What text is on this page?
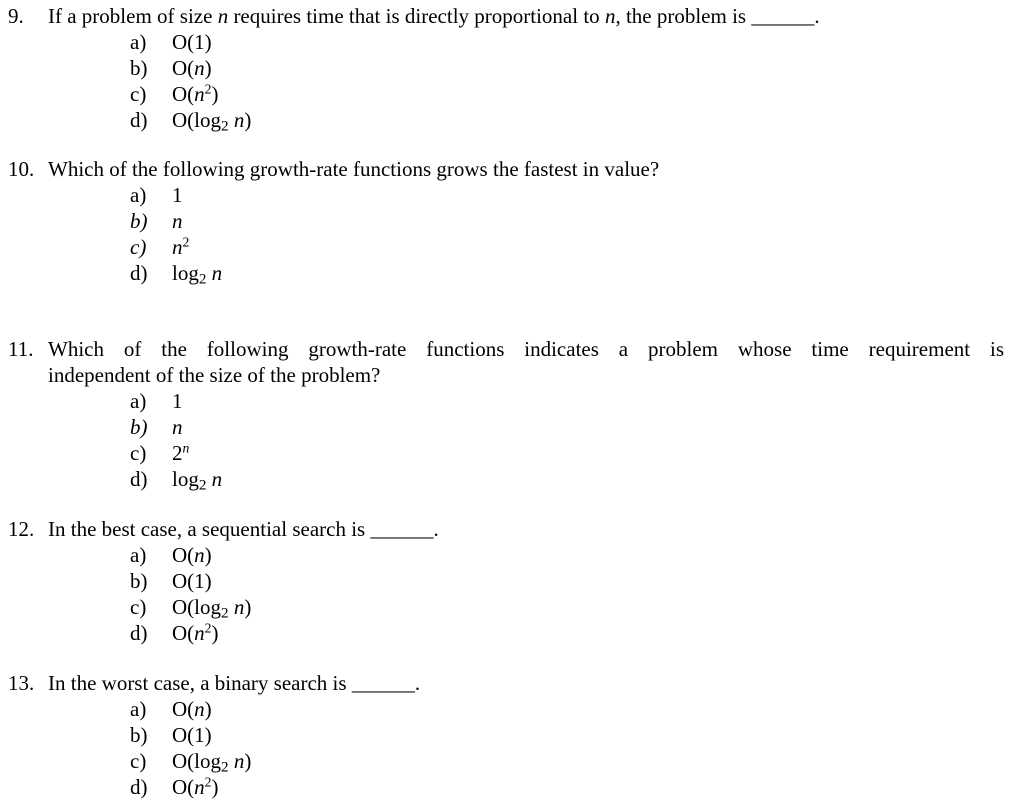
9. If a problem of size n requires time that is directly proportional to n, the problem is ______.
a)	O(1)
b)	O(n)
c)	$O(n^2)$
d)	$O(\log_2$ n)
10. Which of the following growth-rate functions grows the fastest in value?
a)	1
b)	n
c)	$n^2$
d)	$\log_2 n$
11. Which of the following growth-rate functions indicates a problem whose time requirement is
independent of the size of the problem?
a)	1
b)	n
c)	2$^n$
d)	$\log_2 n$
12. In the best case, a sequential search is ______.
a)	O(n)
b)	O(1)
c)	$O(\log_2$ n)
d)	$O(n^2)$
13. In the worst case, a binary search is ______.
a)	O(n)
b)	O(1)
c)	$O(\log_2$ n)
d)	$O(n^2)$
